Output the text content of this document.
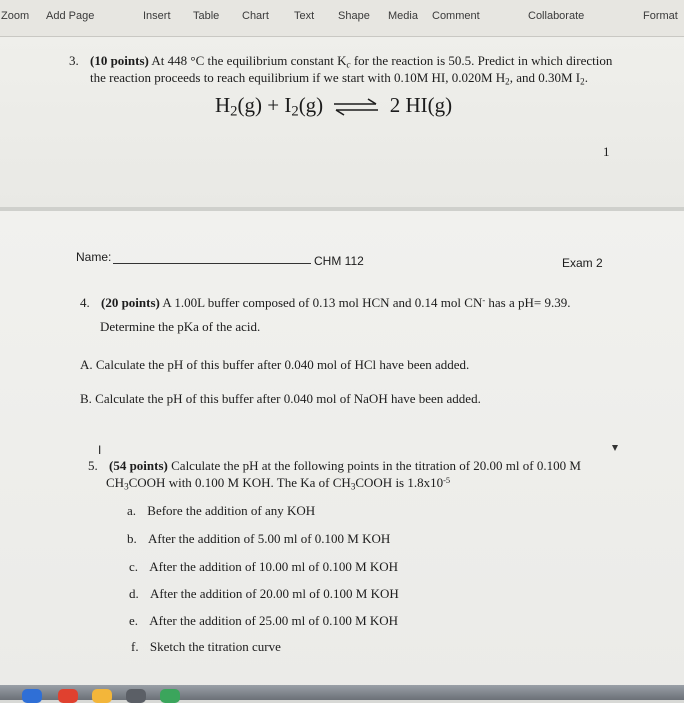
Zoom Add Page	Insert Table Chart Text Shape Media Comment	Collaborate	Format
3. (10 points) At 448 °C the equilibrium constant $K_c$ for the reaction is 50.5. Predict in which direction
the reaction proceeds to reach equilibrium if we start with 0.10M HI, 0.020M $H_2$, and 0.30M $I_2$.
$H_2(g) + I_2(g)$ ⇌ 2 HI(g)
1
Name:	CHM 112	Exam 2
4. (20 points) A 1.00L buffer composed of 0.13 mol HCN and 0.14 mol CN- has a pH= 9.39.
Determine the pKa of the acid.
A. Calculate the pH of this buffer after 0.040 mol of HCl have been added.
B. Calculate the pH of this buffer after 0.040 mol of NaOH have been added.
I
5. (54 points) Calculate the pH at the following points in the titration of 20.00 ml of 0.100 M
$CH_3COOH$ with 0.100 M KOH. The Ka of $CH_3COOH$ is $1.8x10^{-5}$
a. Before the addition of any KOH
b. After the addition of 5.00 ml of 0.100 M KOH
c. After the addition of 10.00 ml of 0.100 M KOH
d. After the addition of 20.00 ml of 0.100 M KOH
e. After the addition of 25.00 ml of 0.100 M KOH
f. Sketch the titration curve
